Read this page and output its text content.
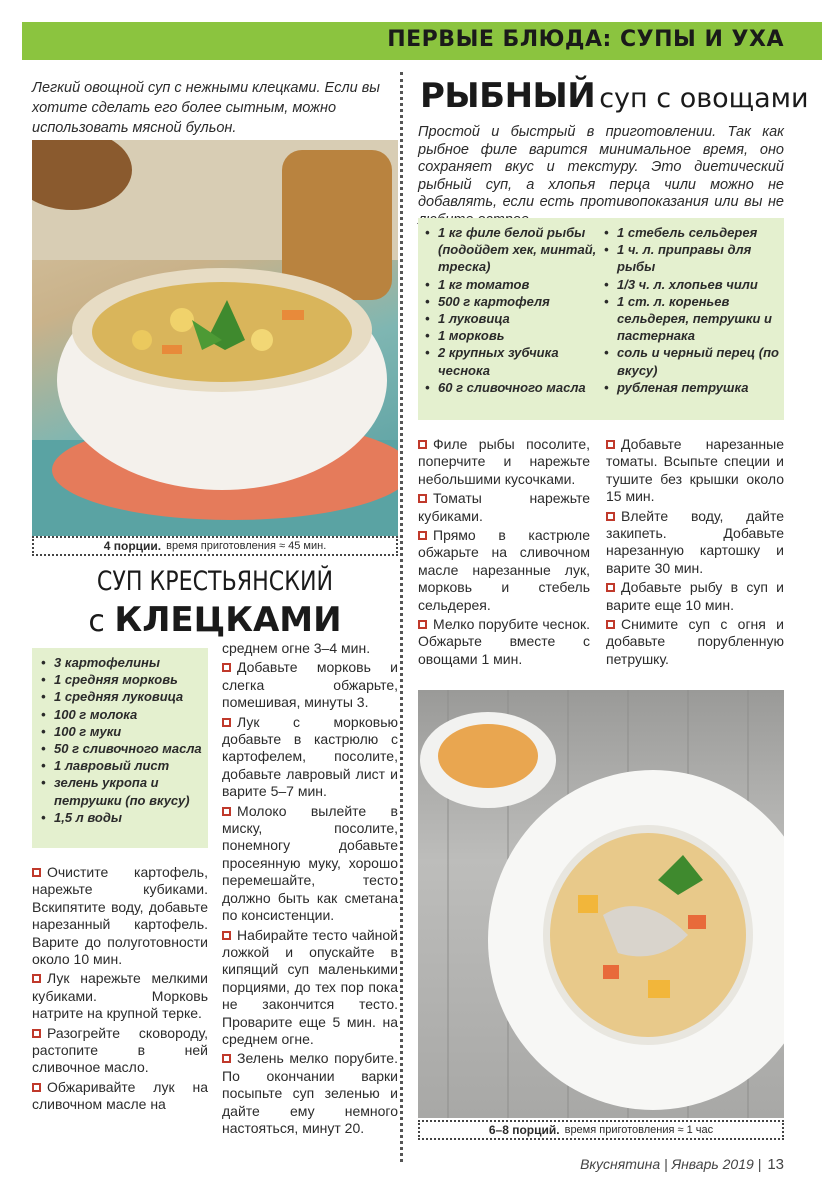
ПЕРВЫЕ БЛЮДА: СУПЫ И УХА
Легкий овощной суп с нежными клецками. Если вы хотите сделать его более сытным, можно использовать мясной бульон.
4 порции. время приготовления ≈ 45 мин.
СУП КРЕСТЬЯНСКИЙ
с КЛЕЦКАМИ
• 3 картофелины
• 1 средняя морковь
• 1 средняя луковица
• 100 г молока
• 100 г муки
• 50 г сливочного масла
• 1 лавровый лист
• зелень укропа и петрушки (по вкусу)
• 1,5 л воды

Очистите картофель, нарежьте кубиками. Вскипятите воду, добавьте нарезанный картофель. Варите до полуготовности около 10 мин.

Лук нарежьте мелкими кубиками. Морковь натрите на крупной терке.

Разогрейте сковороду, растопите в ней сливочное масло.

Обжаривайте лук на сливочном масле на

среднем огне 3–4 мин.

Добавьте морковь и слегка обжарьте, помешивая, минуты 3.

Лук с морковью добавьте в кастрюлю с картофелем, посолите, добавьте лавровый лист и варите 5–7 мин.

Молоко вылейте в миску, посолите, понемногу добавьте просеянную муку, хорошо перемешайте, тесто должно быть как сметана по консистенции.

Набирайте тесто чайной ложкой и опускайте в кипящий суп маленькими порциями, до тех пор пока не закончится тесто. Проварите еще 5 мин. на среднем огне.

Зелень мелко порубите. По окончании варки посыпьте суп зеленью и дайте ему немного настояться, минут 20.

РЫБНЫЙ суп с овощами
Простой и быстрый в приготовлении. Так как рыбное филе варится минимальное время, оно сохраняет вкус и текстуру. Это диетический рыбный суп, а хлопья перца чили можно не добавлять, если есть противопоказания или вы не
• 1 кг филе белой рыбы (подойдет хек, минтай, треска)
• 1 кг томатов
• 500 г картофеля
• 1 луковица
• 1 морковь
• 2 крупных зубчика чеснока
• 60 г сливочного масла
• 1 стебель сельдерея
• 1 ч. л. приправы для рыбы
• 1/3 ч. л. хлопьев чили
• 1 ст. л. кореньев сельдерея, петрушки и пастернака
• соль и черный перец (по вкусу)
• рубленая петрушка

Филе рыбы посолите, поперчите и нарежьте небольшими кусочками.

Томаты нарежьте кубиками.

Прямо в кастрюле обжарьте на сливочном масле нарезанные лук, морковь и стебель сельдерея.

Мелко порубите чеснок. Обжарьте вместе с овощами 1 мин.

Добавьте нарезанные томаты. Всыпьте специи и тушите без крышки около 15 мин.

Влейте воду, дайте закипеть. Добавьте нарезанную картошку и варите 30 мин.

Добавьте рыбу в суп и варите еще 10 мин.

Снимите суп с огня и добавьте порубленную петрушку.

6–8 порций. время приготовления ≈ 1 час
Вкуснятина | Январь 2019 | 13
